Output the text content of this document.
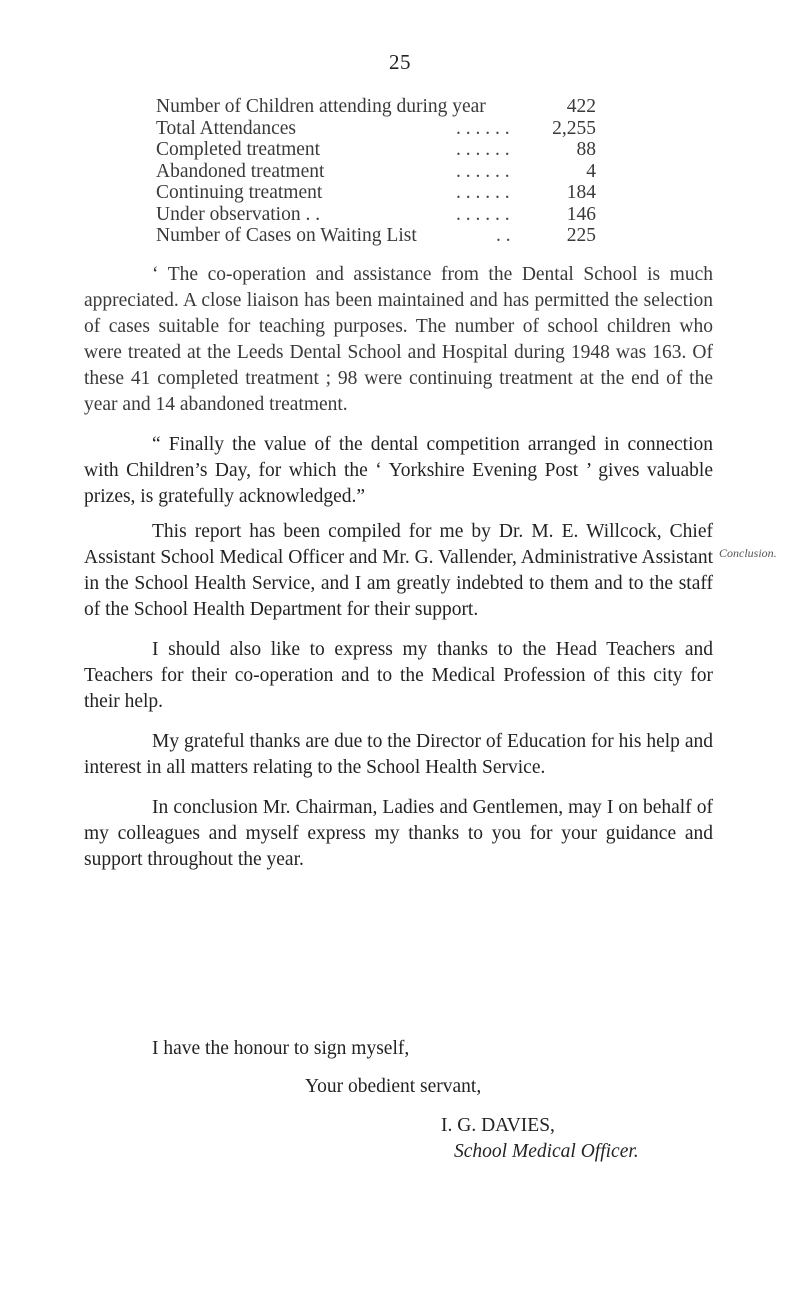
25
Number of Children attending during year	422
Total Attendances	. . . . . . 2,255
Completed treatment	. . . . . .	88
Abandoned treatment	. . . . . .	4
Continuing treatment	. . . . . .	184
Under observation . .	. . . . . .	146
Number of Cases on Waiting List	. .	225

‘ The co-operation and assistance from the Dental School is much appreciated. A close liaison has been maintained and has permitted the selection of cases suitable for teaching purposes. The number of school children who were treated at the Leeds Dental School and Hospital during 1948 was 163. Of these 41 completed treatment ; 98 were continuing treatment at the end of the year and 14 abandoned treatment.

“ Finally the value of the dental competition arranged in connection with Children’s Day, for which the ‘ Yorkshire Evening Post ’ gives valuable prizes, is gratefully acknowledged.”

This report has been compiled for me by Dr. M. E. Willcock, Chief Assistant School Medical Officer and Mr. G. Vallender, Administrative Assistant in the School Health Service, and I am greatly indebted to them and to the staff of the School Health Department for their support.

I should also like to express my thanks to the Head Teachers and Teachers for their co-operation and to the Medical Profession of this city for their help.

My grateful thanks are due to the Director of Education for his help and interest in all matters relating to the School Health Service.

In conclusion Mr. Chairman, Ladies and Gentlemen, may I on behalf of my colleagues and myself express my thanks to you for your guidance and support throughout the year.

Conclusion.
I have the honour to sign myself,
Your obedient servant,
I. G. DAVIES,
School Medical Officer.
